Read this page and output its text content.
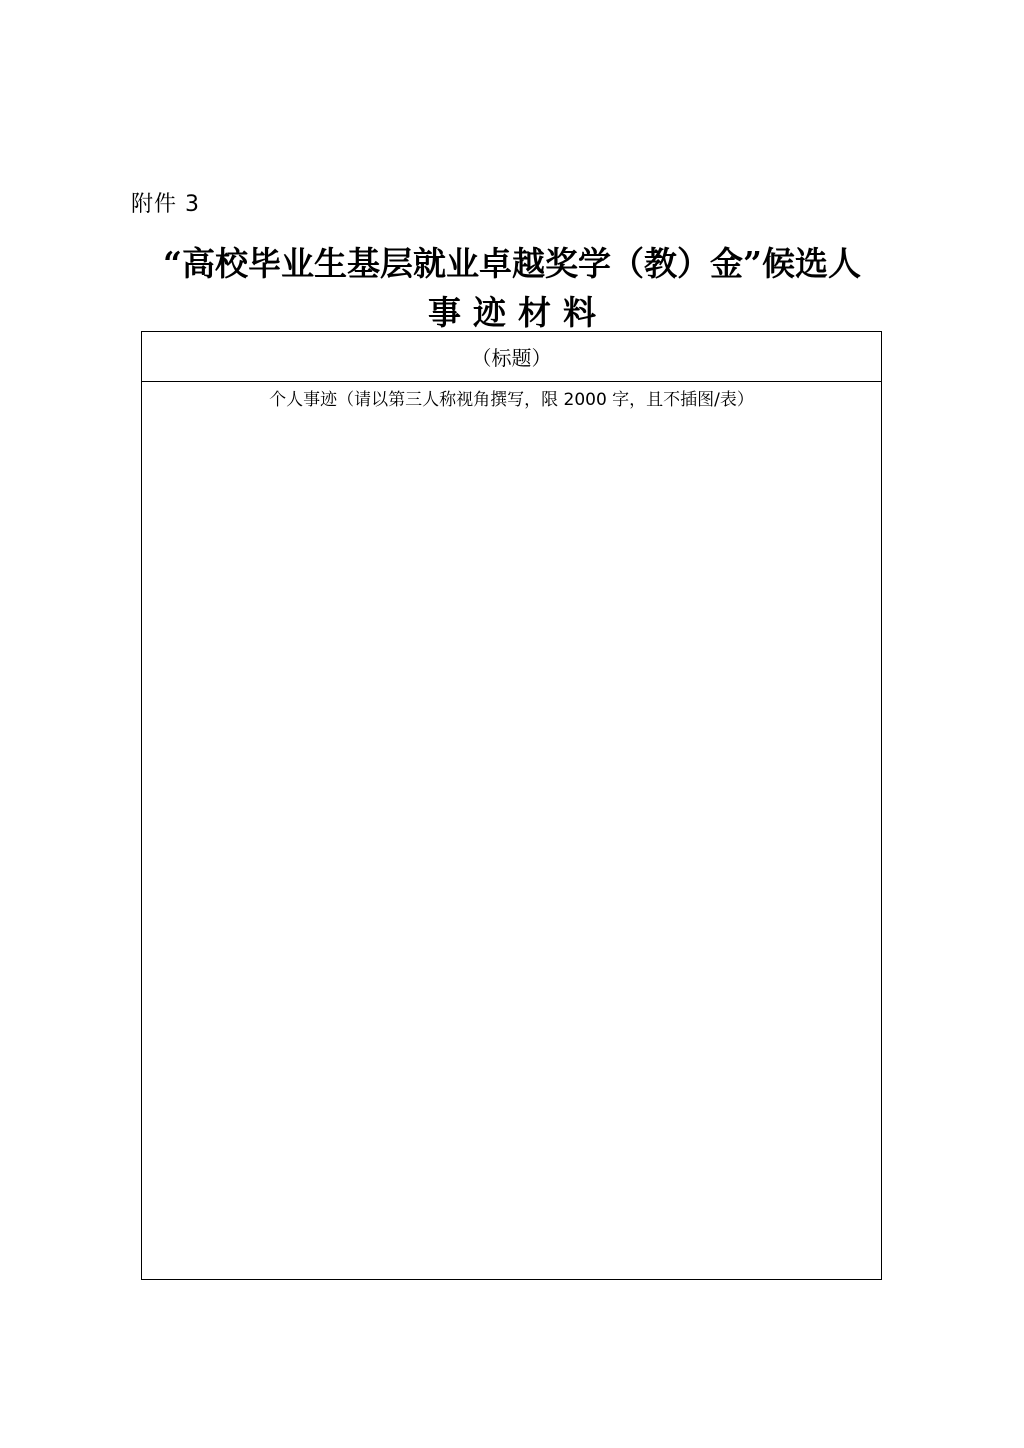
附件 3
“高校毕业生基层就业卓越奖学（教）金”候选人
事迹材料
（标题）
个人事迹（请以第三人称视角撰写，限 2000 字，且不插图/表）
